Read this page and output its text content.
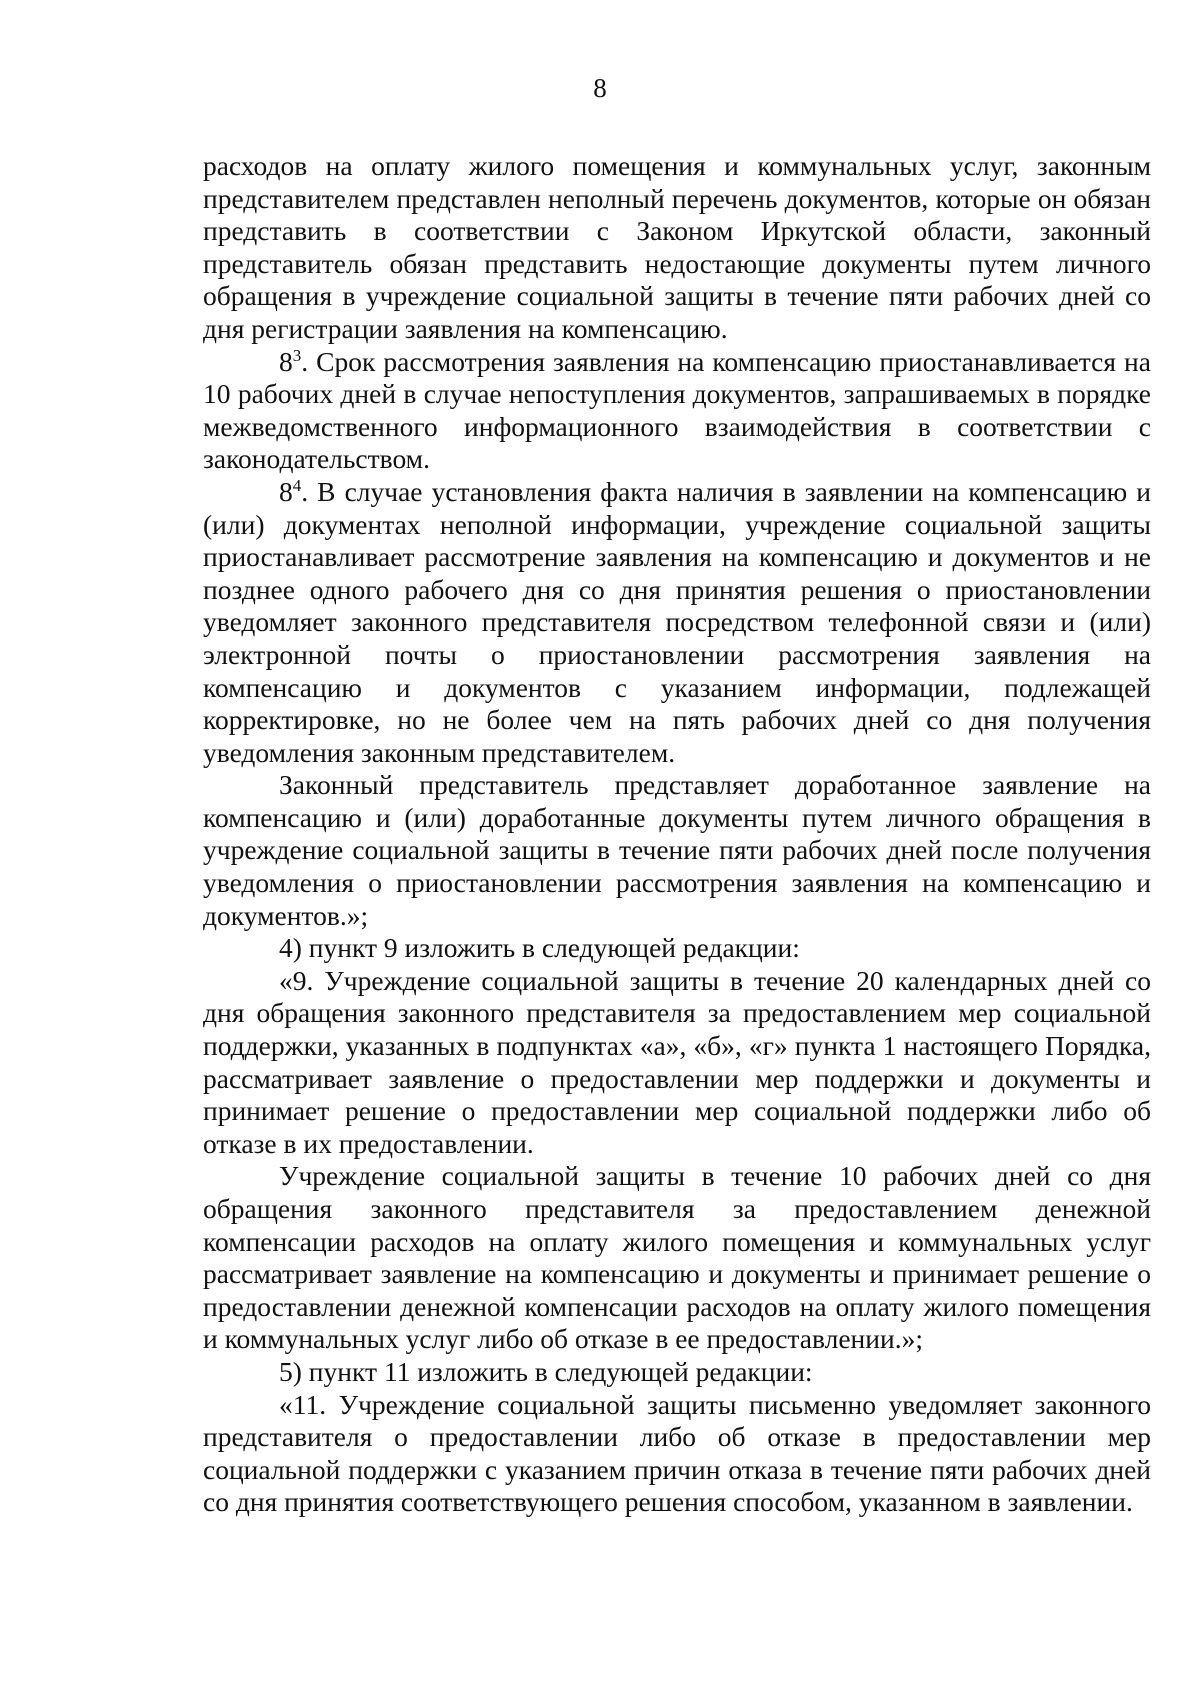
8

расходов на оплату жилого помещения и коммунальных услуг, законным представителем представлен неполный перечень документов, которые он обязан представить в соответствии с Законом Иркутской области, законный представитель обязан представить недостающие документы путем личного обращения в учреждение социальной защиты в течение пяти рабочих дней со дня регистрации заявления на компенсацию.

$8^3$. Срок рассмотрения заявления на компенсацию приостанавливается на 10 рабочих дней в случае непоступления документов, запрашиваемых в порядке межведомственного информационного взаимодействия в соответствии с законодательством.

$8^4$. В случае установления факта наличия в заявлении на компенсацию и (или) документах неполной информации, учреждение социальной защиты приостанавливает рассмотрение заявления на компенсацию и документов и не позднее одного рабочего дня со дня принятия решения о приостановлении уведомляет законного представителя посредством телефонной связи и (или) электронной почты о приостановлении рассмотрения заявления на компенсацию и документов с указанием информации, подлежащей корректировке, но не более чем на пять рабочих дней со дня получения уведомления законным представителем.

Законный представитель представляет доработанное заявление на компенсацию и (или) доработанные документы путем личного обращения в учреждение социальной защиты в течение пяти рабочих дней после получения уведомления о приостановлении рассмотрения заявления на компенсацию и документов.»;

4) пункт 9 изложить в следующей редакции:

«9. Учреждение социальной защиты в течение 20 календарных дней со дня обращения законного представителя за предоставлением мер социальной поддержки, указанных в подпунктах «а», «б», «г» пункта 1 настоящего Порядка, рассматривает заявление о предоставлении мер поддержки и документы и принимает решение о предоставлении мер социальной поддержки либо об отказе в их предоставлении.

Учреждение социальной защиты в течение 10 рабочих дней со дня обращения законного представителя за предоставлением денежной компенсации расходов на оплату жилого помещения и коммунальных услуг рассматривает заявление на компенсацию и документы и принимает решение о предоставлении денежной компенсации расходов на оплату жилого помещения и коммунальных услуг либо об отказе в ее предоставлении.»;

5) пункт 11 изложить в следующей редакции:

«11. Учреждение социальной защиты письменно уведомляет законного представителя о предоставлении либо об отказе в предоставлении мер социальной поддержки с указанием причин отказа в течение пяти рабочих дней со дня принятия соответствующего решения способом, указанном в заявлении.
